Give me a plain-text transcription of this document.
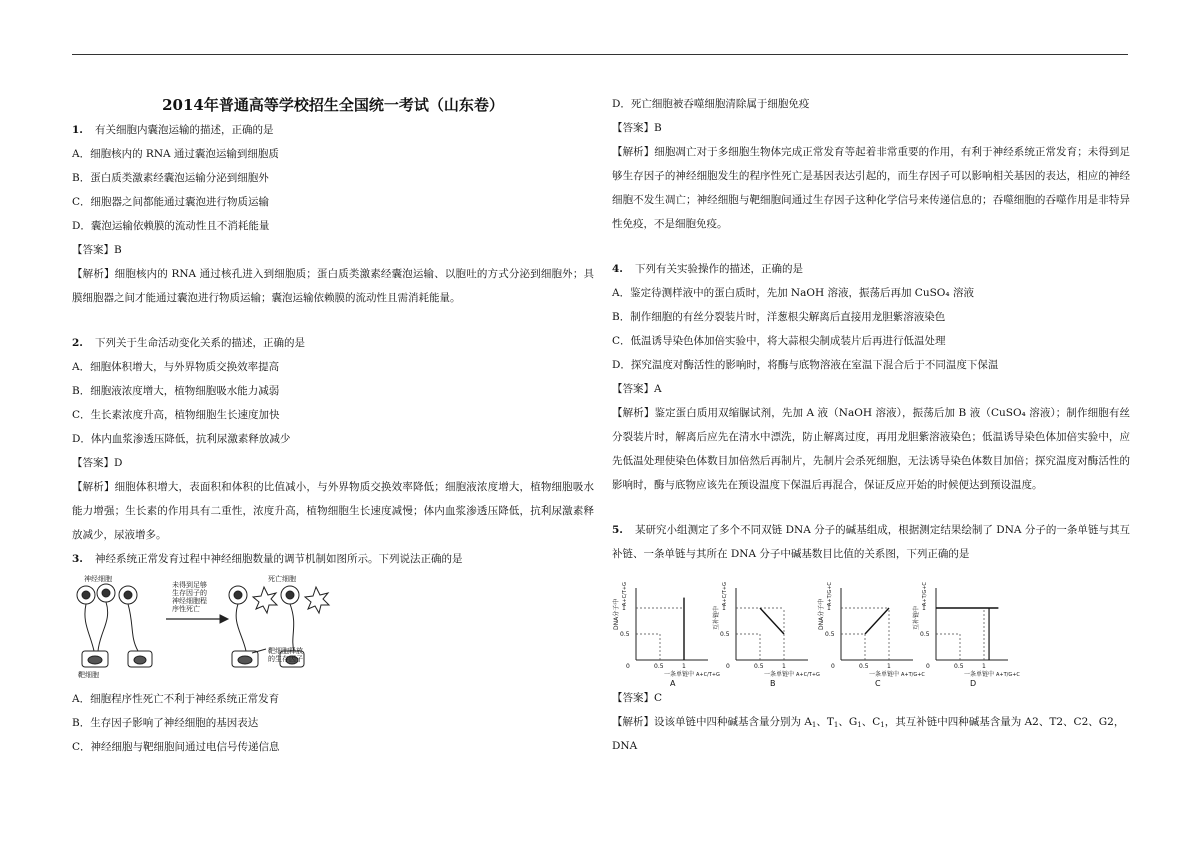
2014年普通高等学校招生全国统一考试（山东卷）
1. 有关细胞内囊泡运输的描述，正确的是
A．细胞核内的 RNA 通过囊泡运输到细胞质
B．蛋白质类激素经囊泡运输分泌到细胞外
C．细胞器之间都能通过囊泡进行物质运输
D．囊泡运输依赖膜的流动性且不消耗能量
【答案】B
【解析】细胞核内的 RNA 通过核孔进入到细胞质；蛋白质类激素经囊泡运输、以胞吐的方式分泌到细胞外；具膜细胞器之间才能通过囊泡进行物质运输；囊泡运输依赖膜的流动性且需消耗能量。
2. 下列关于生命活动变化关系的描述，正确的是
A．细胞体积增大，与外界物质交换效率提高
B．细胞液浓度增大，植物细胞吸水能力减弱
C．生长素浓度升高，植物细胞生长速度加快
D．体内血浆渗透压降低，抗利尿激素释放减少
【答案】D
【解析】细胞体积增大，表面积和体积的比值减小，与外界物质交换效率降低；细胞液浓度增大，植物细胞吸水能力增强；生长素的作用具有二重性，浓度升高，植物细胞生长速度减慢；体内血浆渗透压降低，抗利尿激素释放减少，尿液增多。
3. 神经系统正常发育过程中神经细胞数量的调节机制如图所示。下列说法正确的是
神经细胞	死亡细胞
靶细胞
未得到足够
生存因子的
神经细胞程
序性死亡
靶细胞释放
的生存因子
A．细胞程序性死亡不利于神经系统正常发育
B．生存因子影响了神经细胞的基因表达
C．神经细胞与靶细胞间通过电信号传递信息
D．死亡细胞被吞噬细胞清除属于细胞免疫
【答案】B
【解析】细胞凋亡对于多细胞生物体完成正常发育等起着非常重要的作用，有利于神经系统正常发育；未得到足够生存因子的神经细胞发生的程序性死亡是基因表达引起的，而生存因子可以影响相关基因的表达，相应的神经细胞不发生凋亡；神经细胞与靶细胞间通过生存因子这种化学信号来传递信息的；吞噬细胞的吞噬作用是非特异性免疫，不是细胞免疫。
4. 下列有关实验操作的描述，正确的是
A．鉴定待测样液中的蛋白质时，先加 NaOH 溶液，振荡后再加 CuSO₄ 溶液
B．制作细胞的有丝分裂装片时，洋葱根尖解离后直接用龙胆紫溶液染色
C．低温诱导染色体加倍实验中，将大蒜根尖制成装片后再进行低温处理
D．探究温度对酶活性的影响时，将酶与底物溶液在室温下混合后于不同温度下保温
【答案】A
【解析】鉴定蛋白质用双缩脲试剂，先加 A 液（NaOH 溶液），振荡后加 B 液（CuSO₄ 溶液）；制作细胞有丝分裂装片时，解离后应先在清水中漂洗，防止解离过度，再用龙胆紫溶液染色；低温诱导染色体加倍实验中，应先低温处理使染色体数目加倍然后再制片，先制片会杀死细胞，无法诱导染色体数目加倍；探究温度对酶活性的影响时，酶与底物应该先在预设温度下保温后再混合，保证反应开始的时候便达到预设温度。
5. 某研究小组测定了多个不同双链 DNA 分子的碱基组成，根据测定结果绘制了 DNA 分子的一条单链与其互补链、一条单链与其所在 DNA 分子中碱基数目比值的关系图，下列正确的是
0	0.5	1
1
0.5
DNA分子中
A+C/T+G
一条单链中 A+C/T+G
A
0	0.5	1
1
0.5
互补链中
A+C/T+G
一条单链中 A+C/T+G
B
0	0.5	1
1
0.5
DNA分子中
A+T/G+C
一条单链中 A+T/G+C
C
0	0.5	1
1
0.5
互补链中
A+T/G+C
一条单链中 A+T/G+C
D
【答案】C
【解析】设该单链中四种碱基含量分别为 $A_1$、$T_1$、$G_1$、$C_1$，其互补链中四种碱基含量为 A2、T2、C2、G2，DNA
